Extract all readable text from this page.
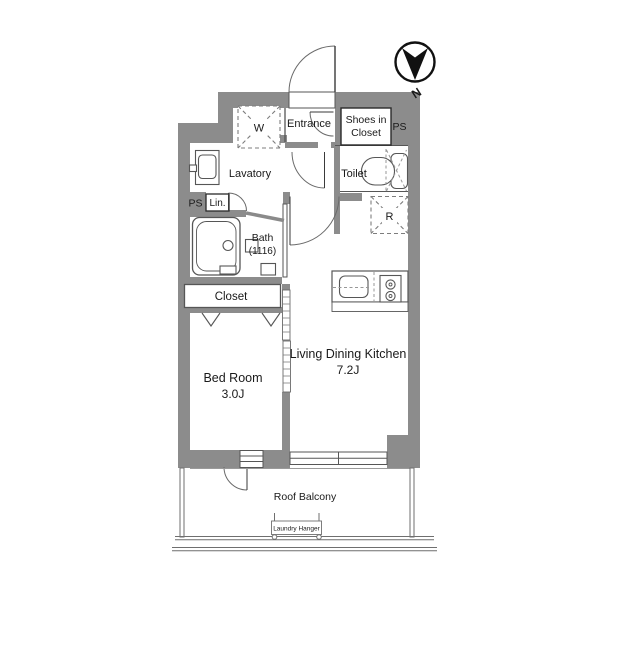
N
Entrance Shoes in
Closet PS
Toilet
Lavatory
W
R
PS Lin.
Bath
(1116)
Closet
Bed Room
3.0J
Living Dining Kitchen
7.2J
Roof Balcony
Laundry Hanger
